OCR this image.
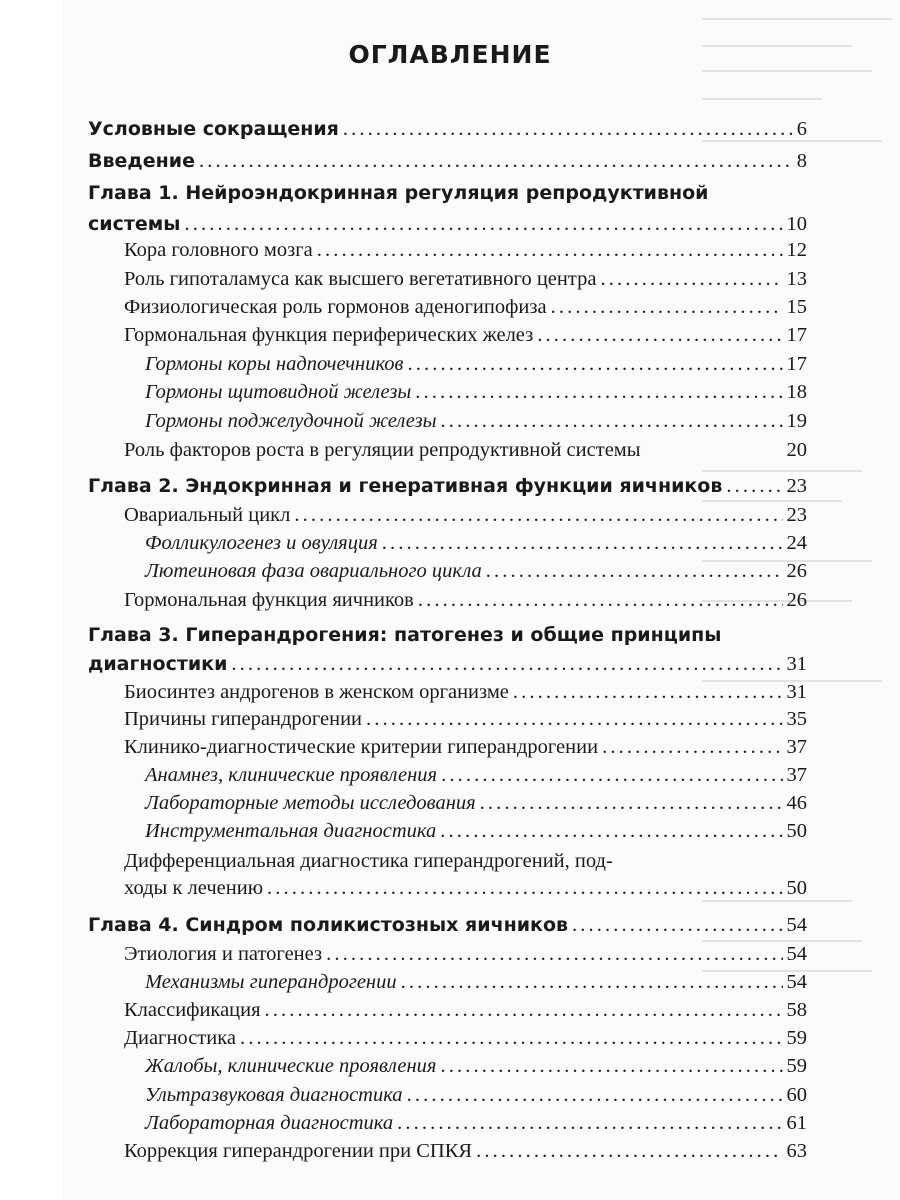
ОГЛАВЛЕНИЕ
Условные сокращения . . .	6
Введение . . .	8
Глава 1. Нейроэндокринная регуляция репродуктивной
системы . . .	10
Кора головного мозга . . .	12
Роль гипоталамуса как высшего вегетативного центра . . .	13
Физиологическая роль гормонов аденогипофиза . . .	15
Гормональная функция периферических желез . . .	17
Гормоны коры надпочечников . . .	17
Гормоны щитовидной железы . . .	18
Гормоны поджелудочной железы . . .	19
Роль факторов роста в регуляции репродуктивной системы	20
Глава 2. Эндокринная и генеративная функции яичников . . .	23
Овариальный цикл . . .	23
Фолликулогенез и овуляция . . .	24
Лютеиновая фаза овариального цикла . . .	26
Гормональная функция яичников . . .	26
Глава 3. Гиперандрогения: патогенез и общие принципы
диагностики . . .	31
Биосинтез андрогенов в женском организме . . .	31
Причины гиперандрогении . . .	35
Клинико-диагностические критерии гиперандрогении . . .	37
Анамнез, клинические проявления . . .	37
Лабораторные методы исследования . . .	46
Инструментальная диагностика . . .	50
Дифференциальная диагностика гиперандрогений, под-
ходы к лечению . . .	50
Глава 4. Синдром поликистозных яичников . . .	54
Этиология и патогенез . . .	54
Механизмы гиперандрогении . . .	54
Классификация . . .	58
Диагностика . . .	59
Жалобы, клинические проявления . . .	59
Ультразвуковая диагностика . . .	60
Лабораторная диагностика . . .	61
Коррекция гиперандрогении при СПКЯ . . .	63
